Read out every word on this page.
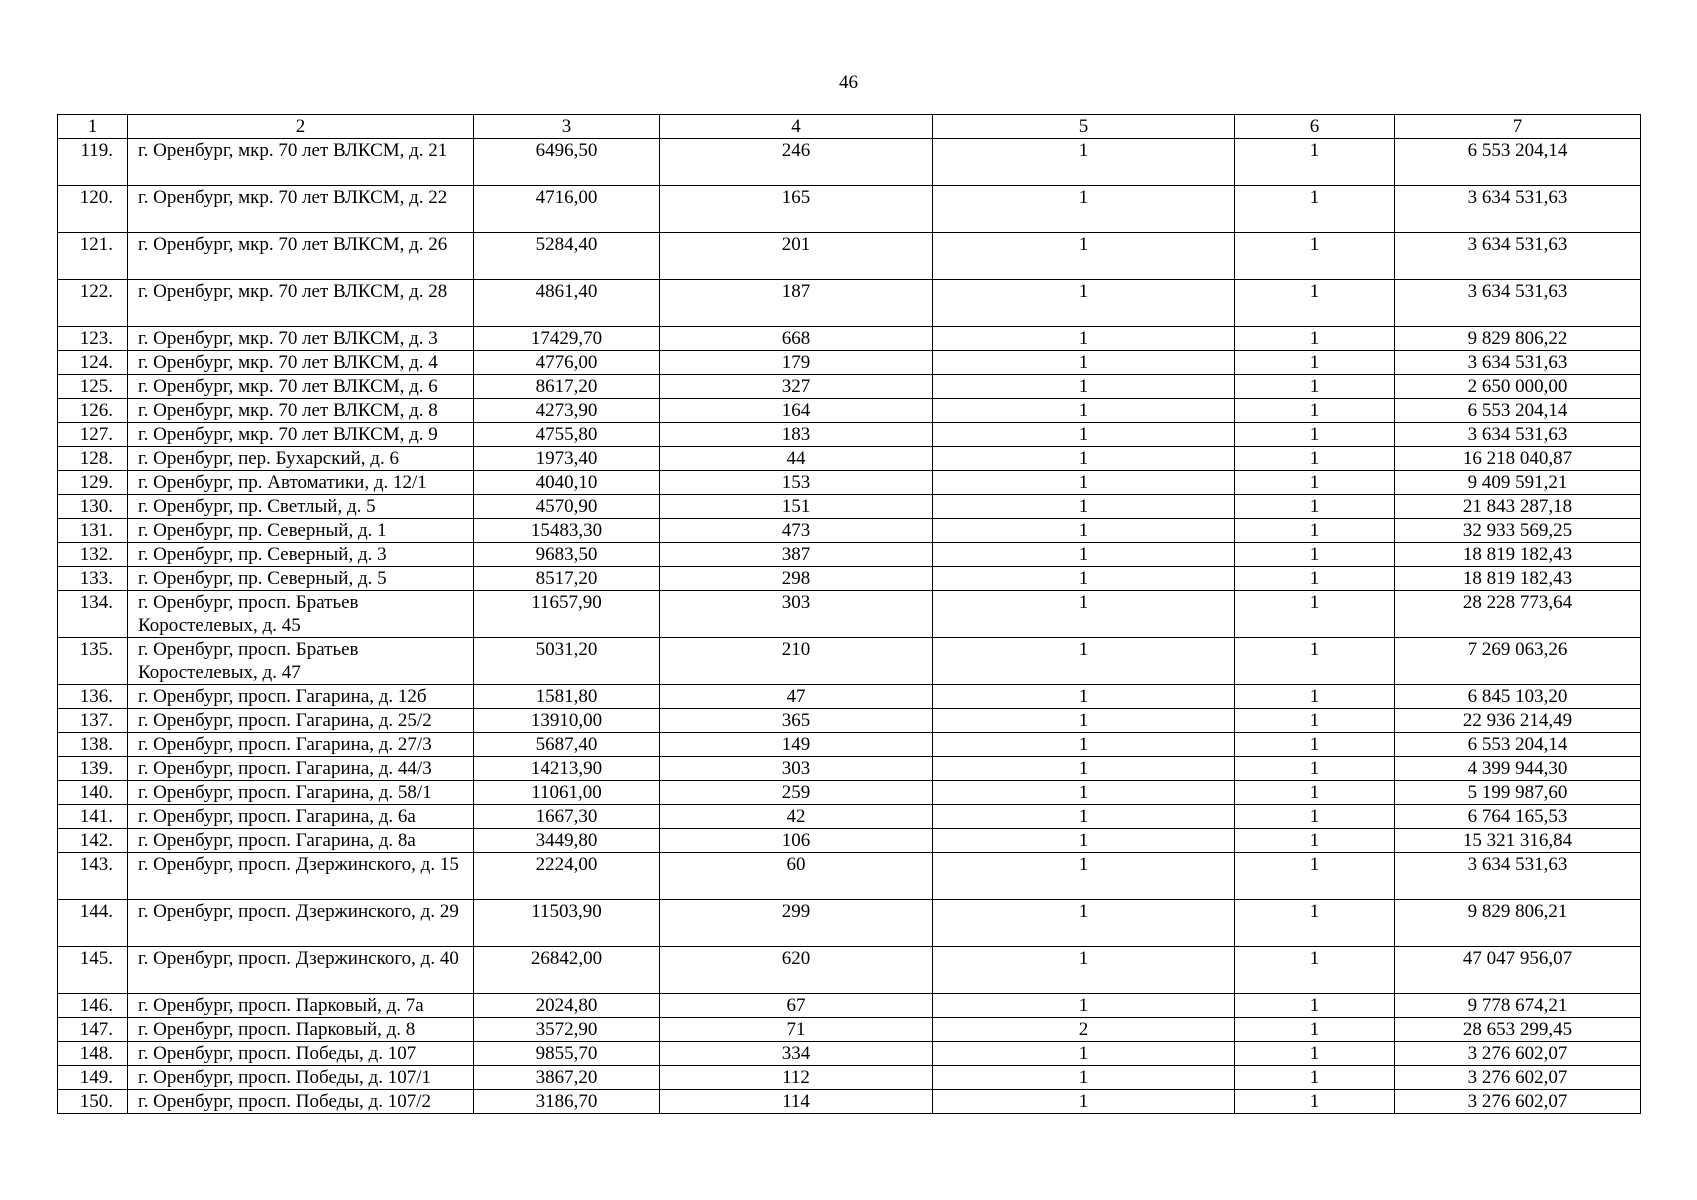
46
1	2	3	4	5	6	7
119.	г. Оренбург, мкр. 70 лет ВЛКСМ, д. 21	6496,50	246	1	1	6 553 204,14
120.	г. Оренбург, мкр. 70 лет ВЛКСМ, д. 22	4716,00	165	1	1	3 634 531,63
121.	г. Оренбург, мкр. 70 лет ВЛКСМ, д. 26	5284,40	201	1	1	3 634 531,63
122.	г. Оренбург, мкр. 70 лет ВЛКСМ, д. 28	4861,40	187	1	1	3 634 531,63
123.	г. Оренбург, мкр. 70 лет ВЛКСМ, д. 3	17429,70	668	1	1	9 829 806,22
124.	г. Оренбург, мкр. 70 лет ВЛКСМ, д. 4	4776,00	179	1	1	3 634 531,63
125.	г. Оренбург, мкр. 70 лет ВЛКСМ, д. 6	8617,20	327	1	1	2 650 000,00
126.	г. Оренбург, мкр. 70 лет ВЛКСМ, д. 8	4273,90	164	1	1	6 553 204,14
127.	г. Оренбург, мкр. 70 лет ВЛКСМ, д. 9	4755,80	183	1	1	3 634 531,63
128.	г. Оренбург, пер. Бухарский, д. 6	1973,40	44	1	1	16 218 040,87
129.	г. Оренбург, пр. Автоматики, д. 12/1	4040,10	153	1	1	9 409 591,21
130.	г. Оренбург, пр. Светлый, д. 5	4570,90	151	1	1	21 843 287,18
131.	г. Оренбург, пр. Северный, д. 1	15483,30	473	1	1	32 933 569,25
132.	г. Оренбург, пр. Северный, д. 3	9683,50	387	1	1	18 819 182,43
133.	г. Оренбург, пр. Северный, д. 5	8517,20	298	1	1	18 819 182,43
134.	г. Оренбург, просп. Братьев Коростелевых, д. 45	11657,90	303	1	1	28 228 773,64
135.	г. Оренбург, просп. Братьев Коростелевых, д. 47	5031,20	210	1	1	7 269 063,26
136.	г. Оренбург, просп. Гагарина, д. 12б	1581,80	47	1	1	6 845 103,20
137.	г. Оренбург, просп. Гагарина, д. 25/2	13910,00	365	1	1	22 936 214,49
138.	г. Оренбург, просп. Гагарина, д. 27/3	5687,40	149	1	1	6 553 204,14
139.	г. Оренбург, просп. Гагарина, д. 44/3	14213,90	303	1	1	4 399 944,30
140.	г. Оренбург, просп. Гагарина, д. 58/1	11061,00	259	1	1	5 199 987,60
141.	г. Оренбург, просп. Гагарина, д. 6а	1667,30	42	1	1	6 764 165,53
142.	г. Оренбург, просп. Гагарина, д. 8а	3449,80	106	1	1	15 321 316,84
143.	г. Оренбург, просп. Дзержинского, д. 15	2224,00	60	1	1	3 634 531,63
144.	г. Оренбург, просп. Дзержинского, д. 29	11503,90	299	1	1	9 829 806,21
145.	г. Оренбург, просп. Дзержинского, д. 40	26842,00	620	1	1	47 047 956,07
146.	г. Оренбург, просп. Парковый, д. 7а	2024,80	67	1	1	9 778 674,21
147.	г. Оренбург, просп. Парковый, д. 8	3572,90	71	2	1	28 653 299,45
148.	г. Оренбург, просп. Победы, д. 107	9855,70	334	1	1	3 276 602,07
149.	г. Оренбург, просп. Победы, д. 107/1	3867,20	112	1	1	3 276 602,07
150.	г. Оренбург, просп. Победы, д. 107/2	3186,70	114	1	1	3 276 602,07
